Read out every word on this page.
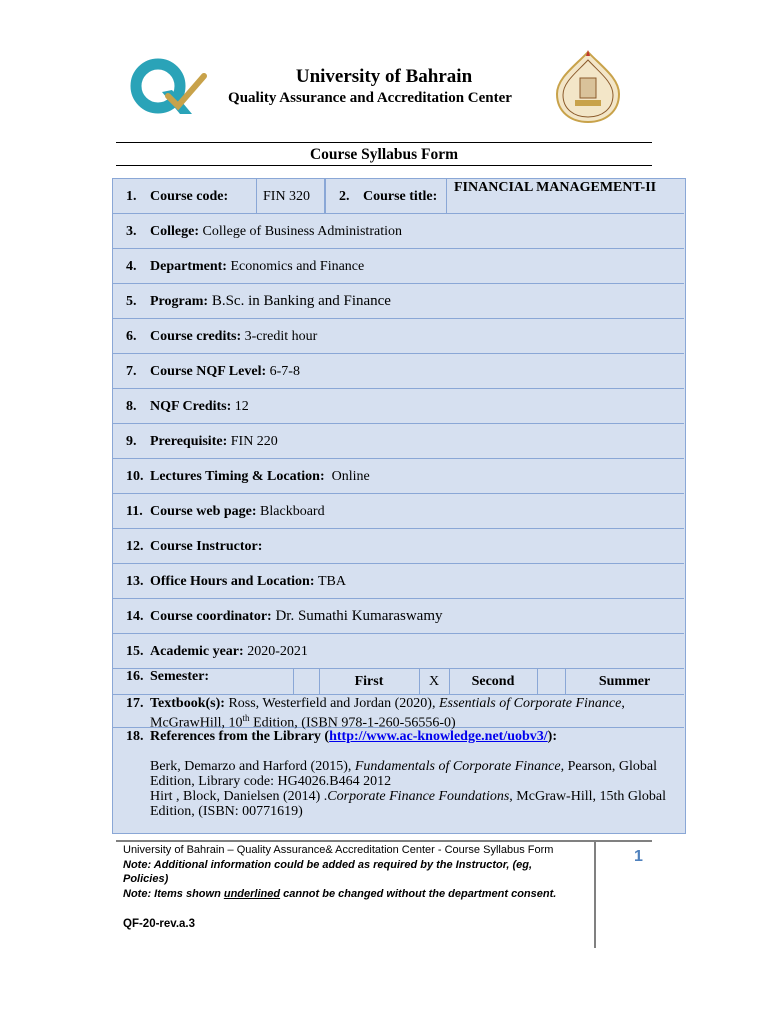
University of Bahrain
Quality Assurance and Accreditation Center
Course Syllabus Form
1. Course code: FIN 320 2. Course title:
FINANCIAL MANAGEMENT-II
3. College:
College of Business Administration
4. Department:
Economics and Finance
5. Program:
B.Sc. in Banking and Finance
6. Course credits:
3-credit hour
7. Course NQF Level:
6-7-8
8. NQF Credits:
12
9. Prerequisite:
FIN 220
10. Lectures Timing & Location:
Online
11. Course web page:
Blackboard
12. Course Instructor:

13. Office Hours and Location:
TBA
14. Course coordinator:
Dr. Sumathi Kumaraswamy
15. Academic year:
2020-2021
16. Semester:	First	X	Second	Summer
17. Textbook(s): Ross, Westerfield and Jordan (2020), Essentials of Corporate Finance,
McGrawHill, 10th Edition, (ISBN 978-1-260-56556-0)
18. References from the Library (http://www.ac-knowledge.net/uobv3/):
Berk, Demarzo and Harford (2015), Fundamentals of Corporate Finance, Pearson, Global
Edition, Library code: HG4026.B464 2012
Hirt , Block, Danielsen (2014) .Corporate Finance Foundations, McGraw-Hill, 15th Global
Edition, (ISBN: 00771619)
University of Bahrain – Quality Assurance& Accreditation Center - Course Syllabus Form
Note: Additional information could be added as required by the Instructor, (eg,
Policies)
Note: Items shown underlined cannot be changed without the department consent.
QF-20-rev.a.3
1
